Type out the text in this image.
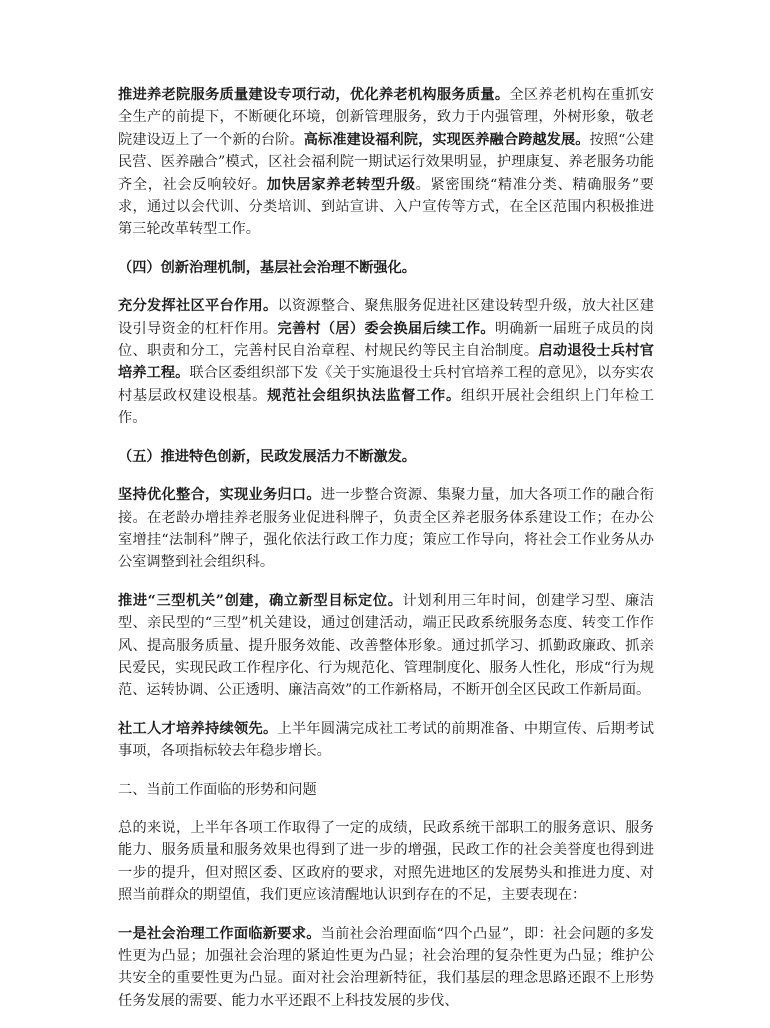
推进养老院服务质量建设专项行动，优化养老机构服务质量。全区养老机构在重抓安全生产的前提下，不断硬化环境，创新管理服务，致力于内强管理，外树形象，敬老院建设迈上了一个新的台阶。高标准建设福利院，实现医养融合跨越发展。按照“公建民营、医养融合”模式，区社会福利院一期试运行效果明显，护理康复、养老服务功能齐全，社会反响较好。加快居家养老转型升级。紧密围绕“精准分类、精确服务”要求，通过以会代训、分类培训、到站宣讲、入户宣传等方式，在全区范围内积极推进第三轮改革转型工作。

（四）创新治理机制，基层社会治理不断强化。

充分发挥社区平台作用。以资源整合、聚焦服务促进社区建设转型升级，放大社区建设引导资金的杠杆作用。完善村（居）委会换届后续工作。明确新一届班子成员的岗位、职责和分工，完善村民自治章程、村规民约等民主自治制度。启动退役士兵村官培养工程。联合区委组织部下发《关于实施退役士兵村官培养工程的意见》，以夯实农村基层政权建设根基。规范社会组织执法监督工作。组织开展社会组织上门年检工作。

（五）推进特色创新，民政发展活力不断激发。

坚持优化整合，实现业务归口。进一步整合资源、集聚力量，加大各项工作的融合衔接。在老龄办增挂养老服务业促进科牌子，负责全区养老服务体系建设工作；在办公室增挂“法制科”牌子，强化依法行政工作力度；策应工作导向，将社会工作业务从办公室调整到社会组织科。

推进“三型机关”创建，确立新型目标定位。计划利用三年时间，创建学习型、廉洁型、亲民型的“三型”机关建设，通过创建活动，端正民政系统服务态度、转变工作作风、提高服务质量、提升服务效能、改善整体形象。通过抓学习、抓勤政廉政、抓亲民爱民，实现民政工作程序化、行为规范化、管理制度化、服务人性化，形成“行为规范、运转协调、公正透明、廉洁高效”的工作新格局，不断开创全区民政工作新局面。

社工人才培养持续领先。上半年圆满完成社工考试的前期准备、中期宣传、后期考试事项，各项指标较去年稳步增长。

二、当前工作面临的形势和问题

总的来说，上半年各项工作取得了一定的成绩，民政系统干部职工的服务意识、服务能力、服务质量和服务效果也得到了进一步的增强，民政工作的社会美誉度也得到进一步的提升，但对照区委、区政府的要求，对照先进地区的发展势头和推进力度、对照当前群众的期望值，我们更应该清醒地认识到存在的不足，主要表现在：

一是社会治理工作面临新要求。当前社会治理面临“四个凸显”，即：社会问题的多发性更为凸显；加强社会治理的紧迫性更为凸显；社会治理的复杂性更为凸显；维护公共安全的重要性更为凸显。面对社会治理新特征，我们基层的理念思路还跟不上形势任务发展的需要、能力水平还跟不上科技发展的步伐、
